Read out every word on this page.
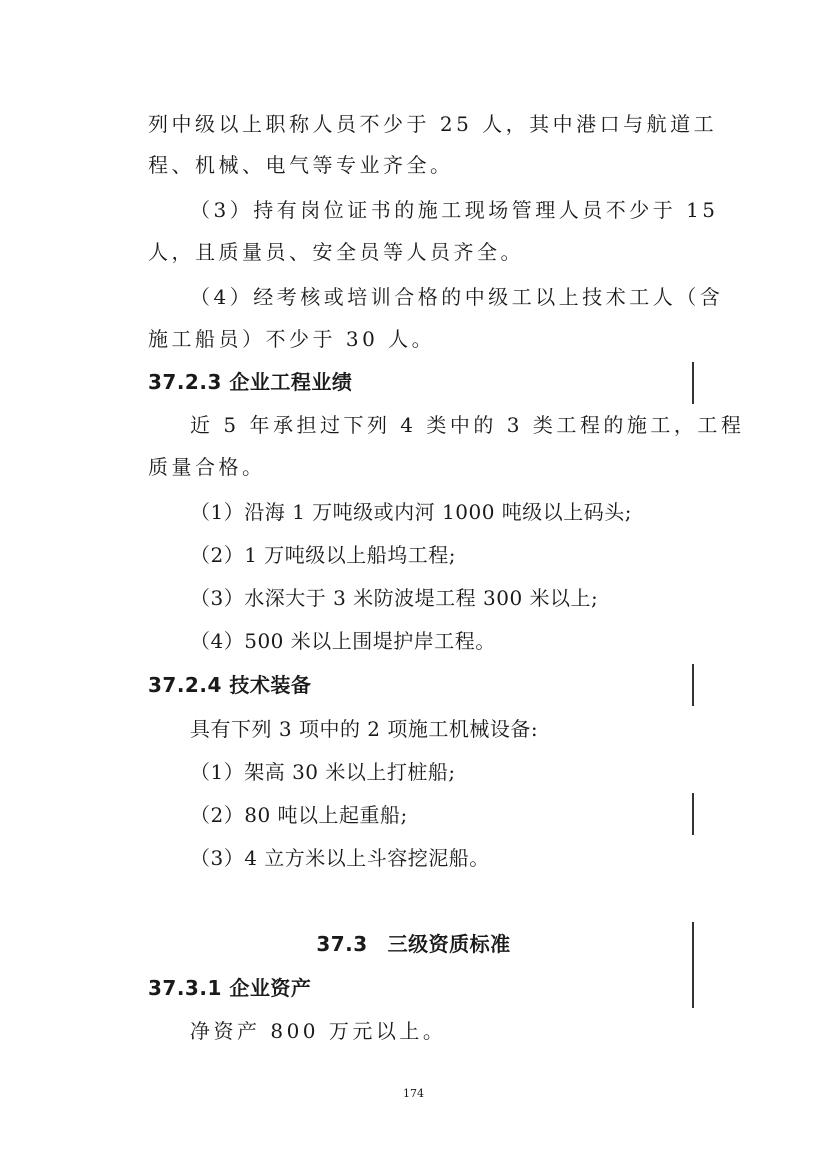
列中级以上职称人员不少于 25 人，其中港口与航道工
程、机械、电气等专业齐全。
（3）持有岗位证书的施工现场管理人员不少于 15
人，且质量员、安全员等人员齐全。
（4）经考核或培训合格的中级工以上技术工人（含
施工船员）不少于 30 人。
37.2.3 企业工程业绩
近 5 年承担过下列 4 类中的 3 类工程的施工，工程
质量合格。
（1）沿海 1 万吨级或内河 1000 吨级以上码头;
（2）1 万吨级以上船坞工程;
（3）水深大于 3 米防波堤工程 300 米以上;
（4）500 米以上围堤护岸工程。
37.2.4 技术装备
具有下列 3 项中的 2 项施工机械设备:
（1）架高 30 米以上打桩船;
（2）80 吨以上起重船;
（3）4 立方米以上斗容挖泥船。
37.3 三级资质标准
37.3.1 企业资产
净资产 800 万元以上。
174
